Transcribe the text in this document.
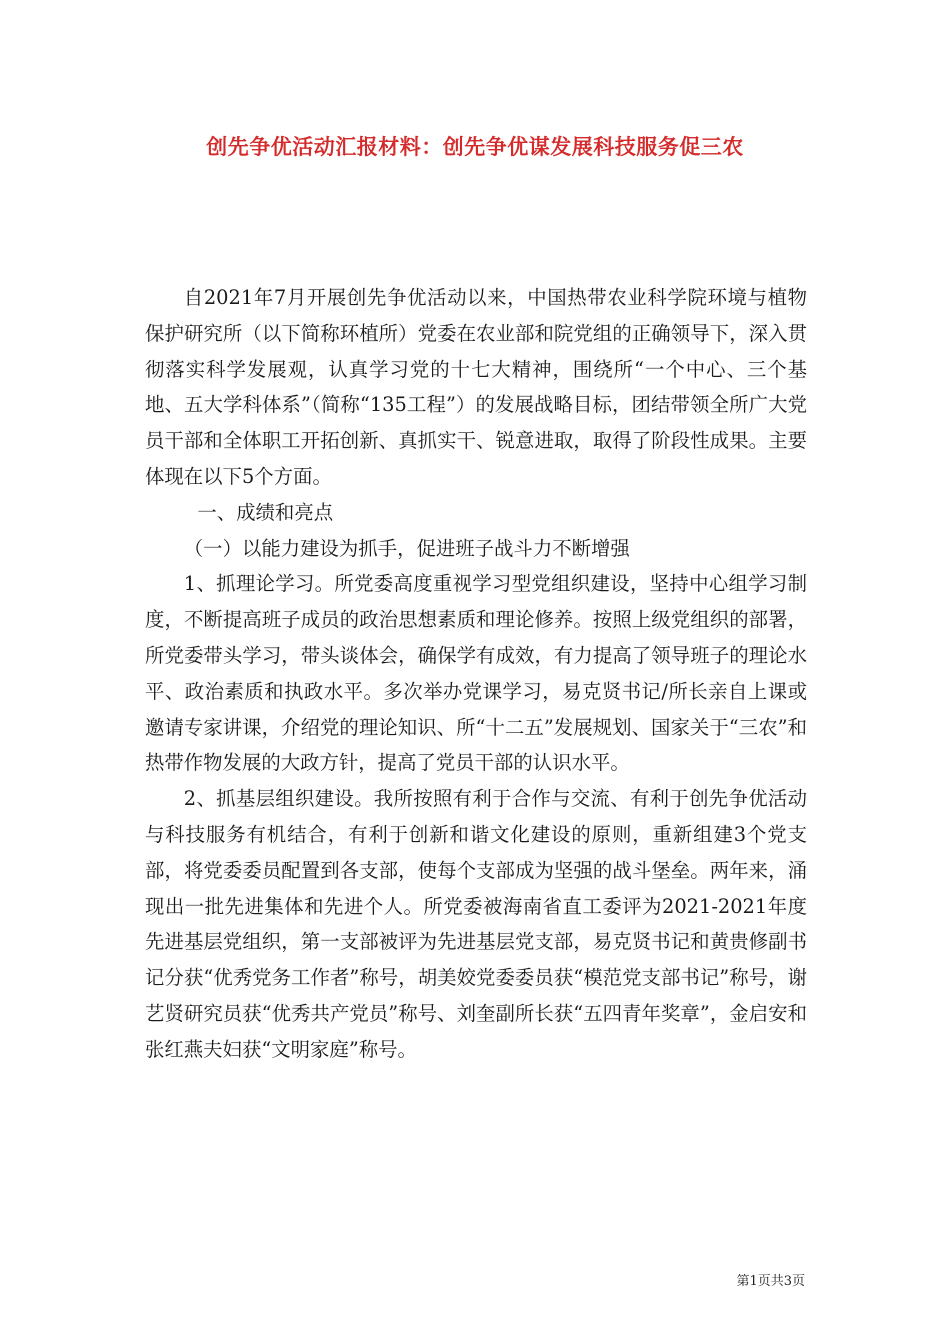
创先争优活动汇报材料：创先争优谋发展科技服务促三农

自2021年7月开展创先争优活动以来，中国热带农业科学院环境与植物保护研究所（以下简称环植所）党委在农业部和院党组的正确领导下，深入贯彻落实科学发展观，认真学习党的十七大精神，围绕所“一个中心、三个基地、五大学科体系”（简称“135工程”）的发展战略目标，团结带领全所广大党员干部和全体职工开拓创新、真抓实干、锐意进取，取得了阶段性成果。主要体现在以下5个方面。

一、成绩和亮点

（一）以能力建设为抓手，促进班子战斗力不断增强

1、抓理论学习。所党委高度重视学习型党组织建设，坚持中心组学习制度，不断提高班子成员的政治思想素质和理论修养。按照上级党组织的部署，所党委带头学习，带头谈体会，确保学有成效，有力提高了领导班子的理论水平、政治素质和执政水平。多次举办党课学习，易克贤书记/所长亲自上课或邀请专家讲课，介绍党的理论知识、所“十二五”发展规划、国家关于“三农”和热带作物发展的大政方针，提高了党员干部的认识水平。

2、抓基层组织建设。我所按照有利于合作与交流、有利于创先争优活动与科技服务有机结合，有利于创新和谐文化建设的原则，重新组建3个党支部，将党委委员配置到各支部，使每个支部成为坚强的战斗堡垒。两年来，涌现出一批先进集体和先进个人。所党委被海南省直工委评为2021-2021年度先进基层党组织，第一支部被评为先进基层党支部，易克贤书记和黄贵修副书记分获“优秀党务工作者”称号，胡美姣党委委员获“模范党支部书记”称号，谢艺贤研究员获“优秀共产党员”称号、刘奎副所长获“五四青年奖章”，金启安和张红燕夫妇获“文明家庭”称号。

第1页共3页
